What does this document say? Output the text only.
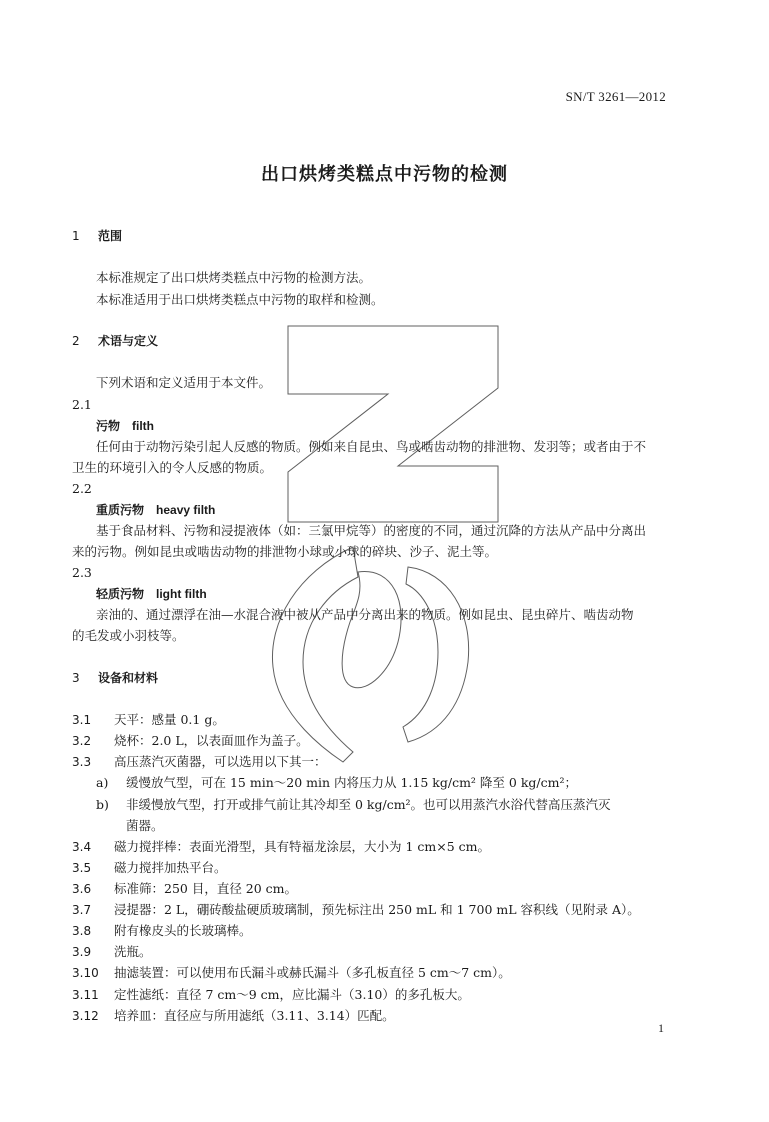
SN/T 3261—2012
出口烘烤类糕点中污物的检测
1 范围
本标准规定了出口烘烤类糕点中污物的检测方法。
本标准适用于出口烘烤类糕点中污物的取样和检测。
2 术语与定义
下列术语和定义适用于本文件。
2.1
污物 filth
任何由于动物污染引起人反感的物质。例如来自昆虫、鸟或啮齿动物的排泄物、发羽等；或者由于不
卫生的环境引入的令人反感的物质。
2.2
重质污物 heavy filth
基于食品材料、污物和浸提液体（如：三氯甲烷等）的密度的不同，通过沉降的方法从产品中分离出
来的污物。例如昆虫或啮齿动物的排泄物小球或小球的碎块、沙子、泥土等。
2.3
轻质污物 light filth
亲油的、通过漂浮在油—水混合液中被从产品中分离出来的物质。例如昆虫、昆虫碎片、啮齿动物
的毛发或小羽枝等。
3 设备和材料
3.1 天平：感量 0.1 g。
3.2 烧杯：2.0 L，以表面皿作为盖子。
3.3 高压蒸汽灭菌器，可以选用以下其一：
a) 缓慢放气型，可在 15 min～20 min 内将压力从 1.15 kg/cm² 降至 0 kg/cm²；
b) 非缓慢放气型，打开或排气前让其冷却至 0 kg/cm²。也可以用蒸汽水浴代替高压蒸汽灭
菌器。
3.4 磁力搅拌棒：表面光滑型，具有特福龙涂层，大小为 1 cm×5 cm。
3.5 磁力搅拌加热平台。
3.6 标准筛：250 目，直径 20 cm。
3.7 浸提器：2 L，硼砖酸盐硬质玻璃制，预先标注出 250 mL 和 1 700 mL 容积线（见附录 A）。
3.8 附有橡皮头的长玻璃棒。
3.9 洗瓶。
3.10 抽滤装置：可以使用布氏漏斗或赫氏漏斗（多孔板直径 5 cm～7 cm）。
3.11 定性滤纸：直径 7 cm～9 cm，应比漏斗（3.10）的多孔板大。
3.12 培养皿：直径应与所用滤纸（3.11、3.14）匹配。
1
